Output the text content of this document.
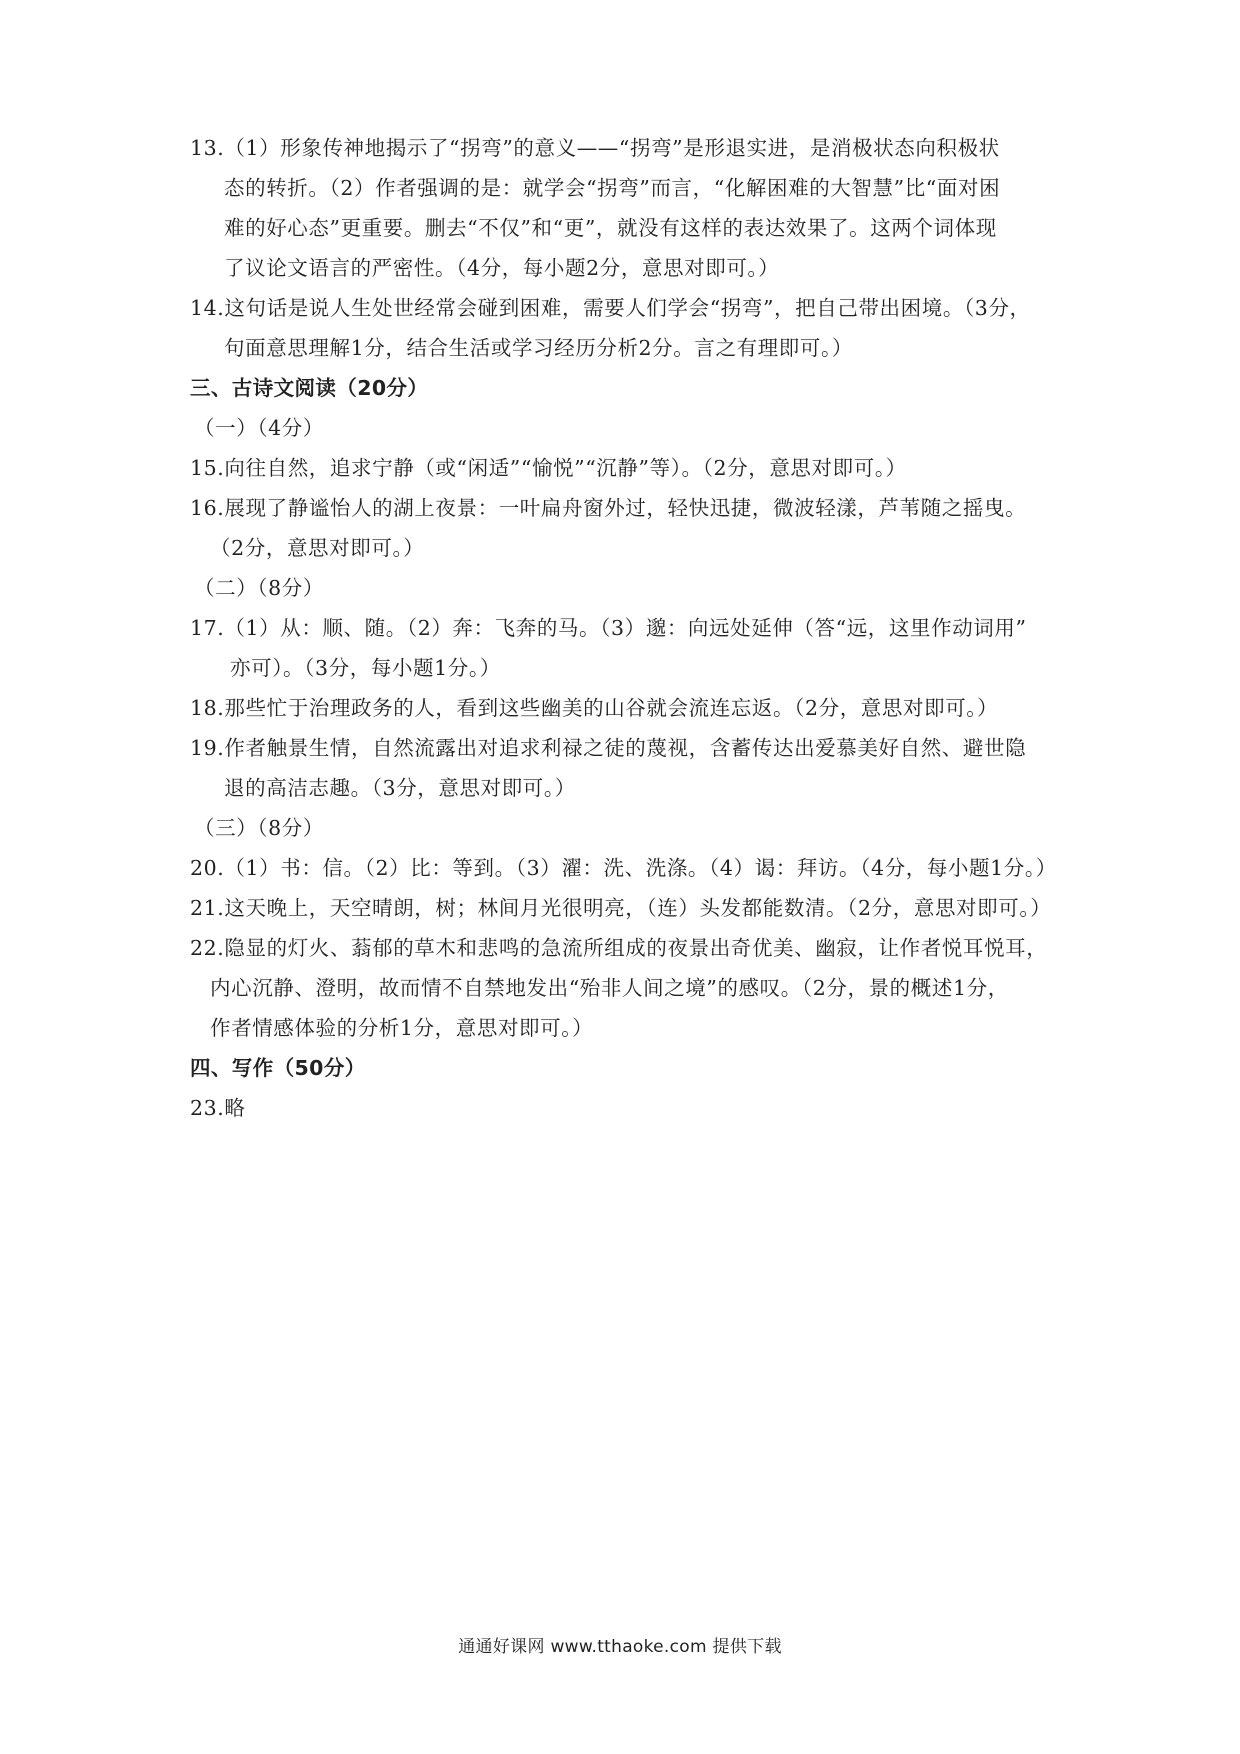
13.（1）形象传神地揭示了“拐弯”的意义——“拐弯”是形退实进，是消极状态向积极状
态的转折。（2）作者强调的是：就学会“拐弯”而言，“化解困难的大智慧”比“面对困
难的好心态”更重要。删去“不仅”和“更”，就没有这样的表达效果了。这两个词体现
了议论文语言的严密性。（4分，每小题2分，意思对即可。）
14.这句话是说人生处世经常会碰到困难，需要人们学会“拐弯”，把自己带出困境。（3分，
句面意思理解1分，结合生活或学习经历分析2分。言之有理即可。）
三、古诗文阅读（20分）
（一）（4分）
15.向往自然，追求宁静（或“闲适”“愉悦”“沉静”等）。（2分，意思对即可。）
16.展现了静谧怡人的湖上夜景：一叶扁舟窗外过，轻快迅捷，微波轻漾，芦苇随之摇曳。
（2分，意思对即可。）
（二）（8分）
17.（1）从：顺、随。（2）奔：飞奔的马。（3）邈：向远处延伸（答“远，这里作动词用”
亦可）。（3分，每小题1分。）
18.那些忙于治理政务的人，看到这些幽美的山谷就会流连忘返。（2分，意思对即可。）
19.作者触景生情，自然流露出对追求利禄之徒的蔑视，含蓄传达出爱慕美好自然、避世隐
退的高洁志趣。（3分，意思对即可。）
（三）（8分）
20.（1）书：信。（2）比：等到。（3）濯：洗、洗涤。（4）谒：拜访。（4分，每小题1分。）
21.这天晚上，天空晴朗，树；林间月光很明亮，（连）头发都能数清。（2分，意思对即可。）
22.隐显的灯火、蓊郁的草木和悲鸣的急流所组成的夜景出奇优美、幽寂，让作者悦耳悦耳，
内心沉静、澄明，故而情不自禁地发出“殆非人间之境”的感叹。（2分，景的概述1分，
作者情感体验的分析1分，意思对即可。）
四、写作（50分）
23.略
通通好课网 www.tthaoke.com 提供下载
